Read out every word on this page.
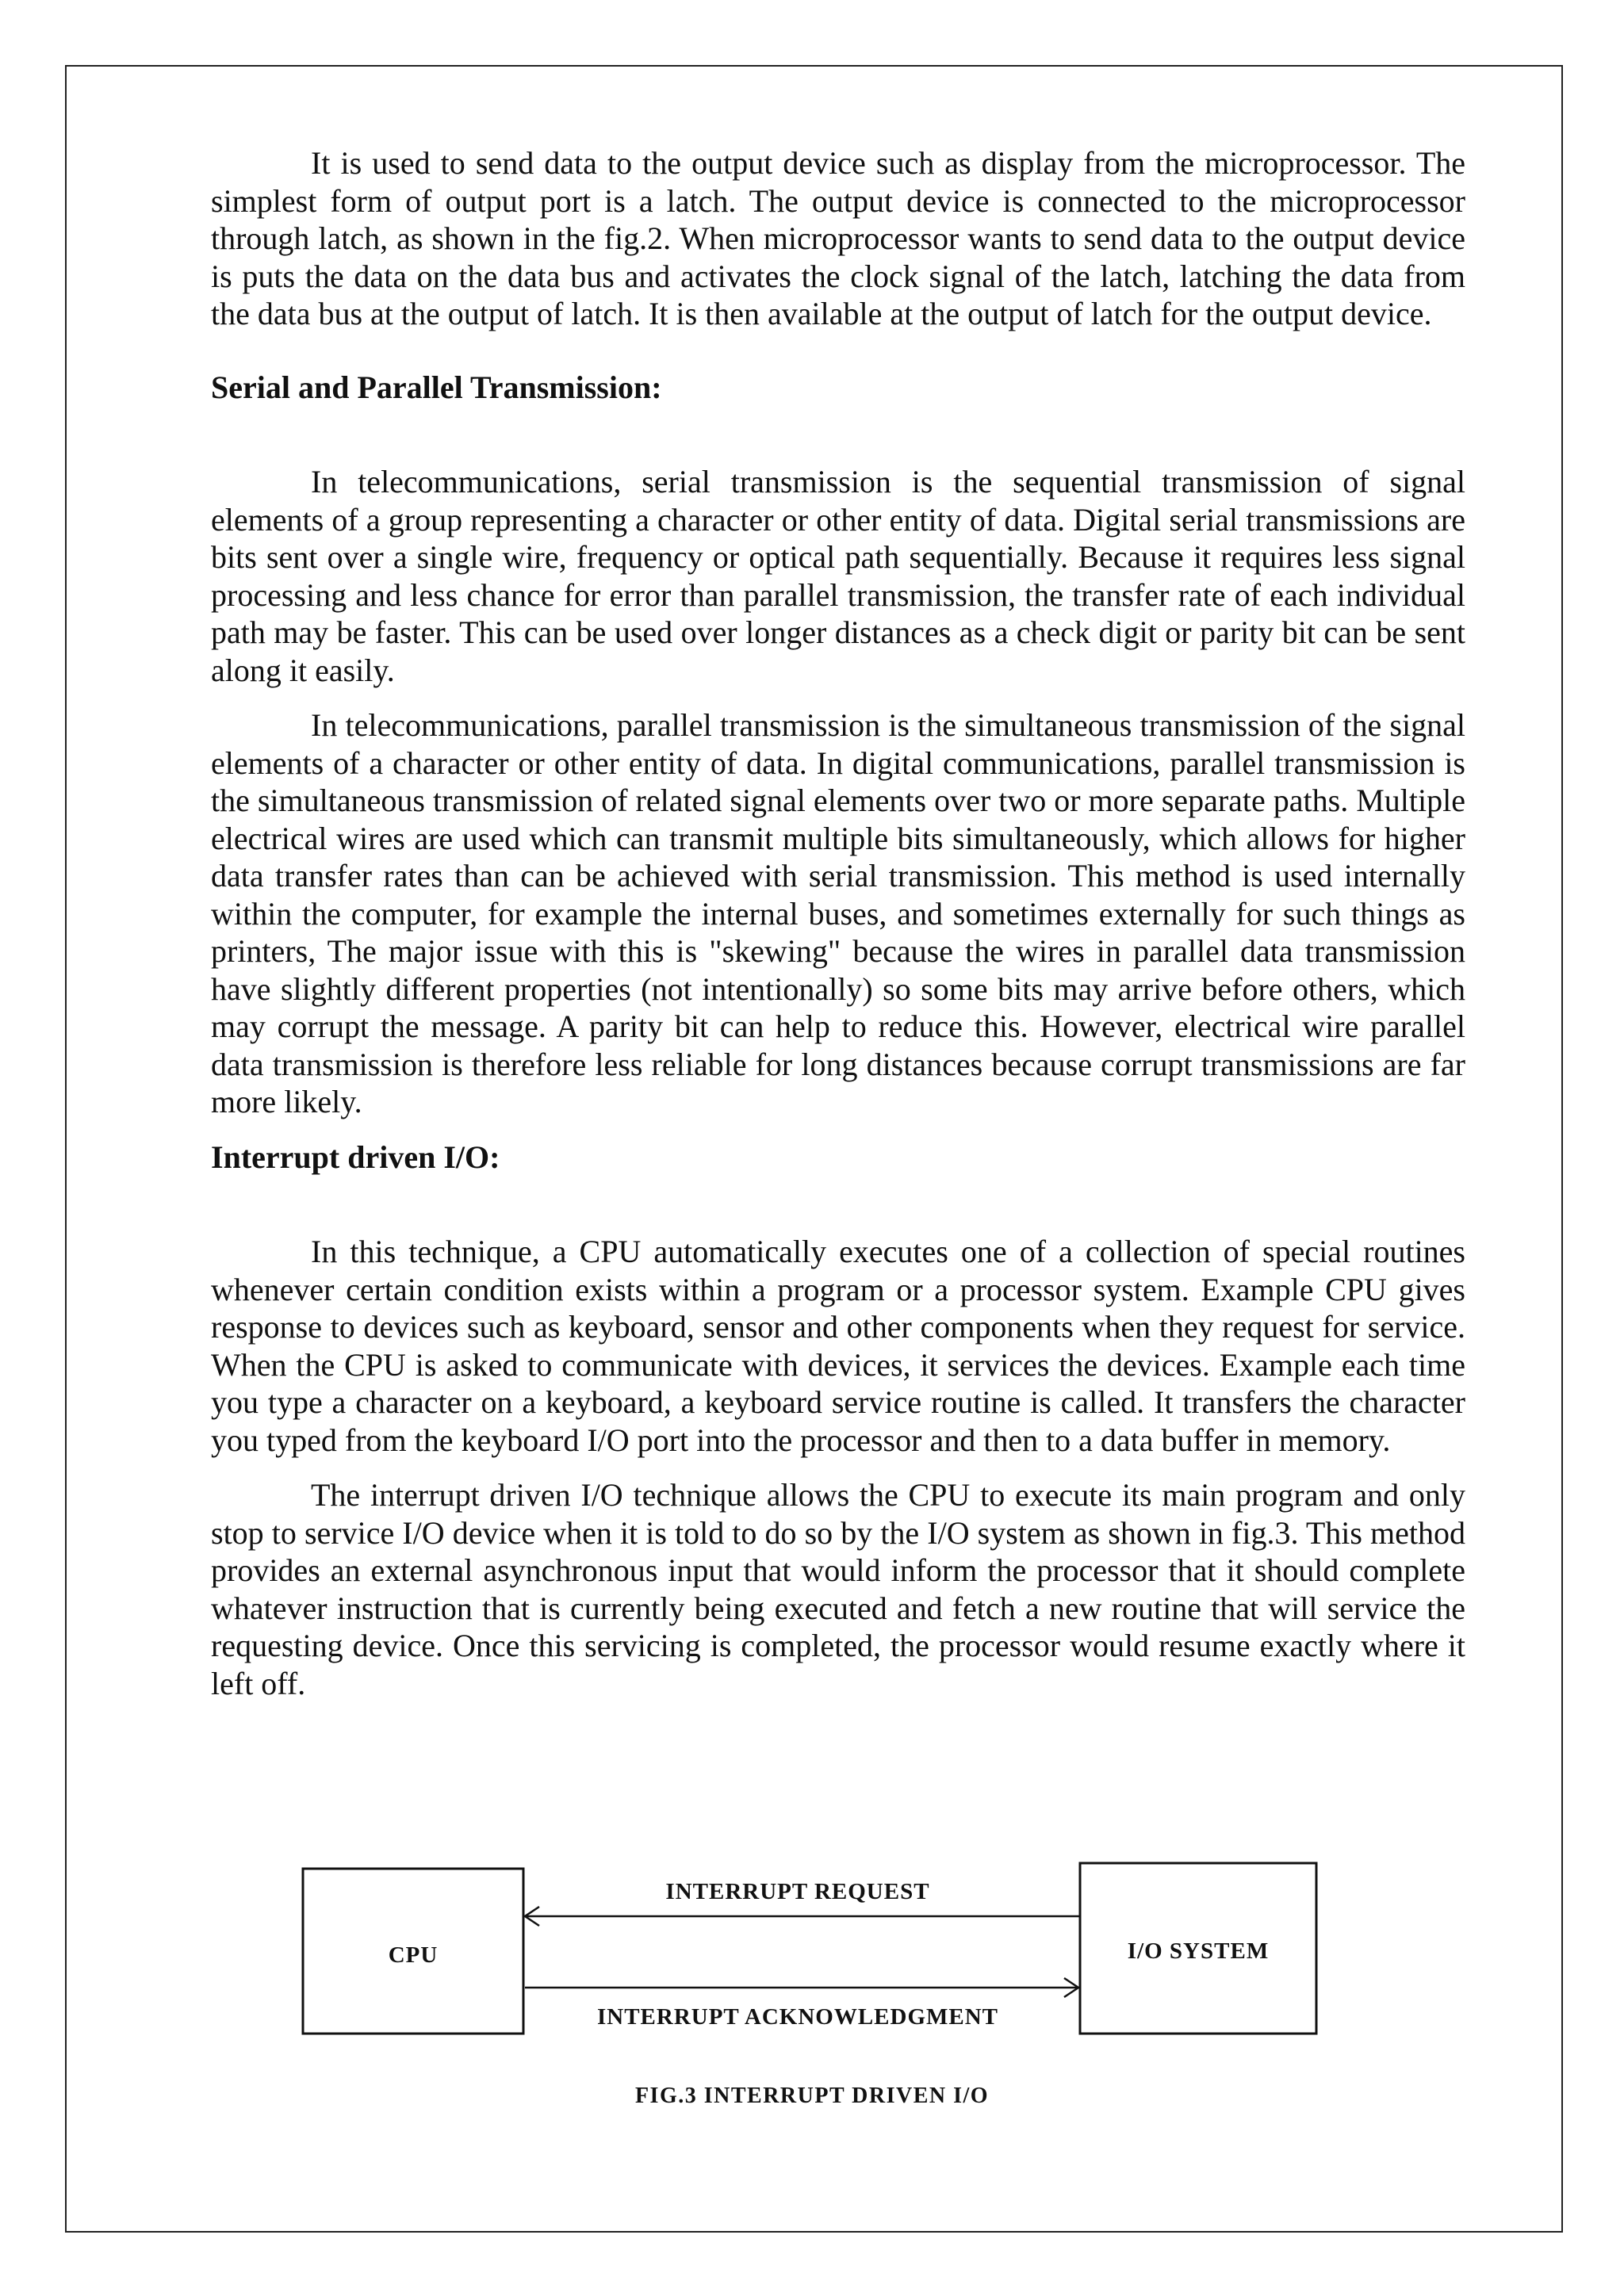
It is used to send data to the output device such as display from the microprocessor. The simplest form of output port is a latch. The output device is connected to the microprocessor through latch, as shown in the fig.2. When microprocessor wants to send data to the output device is puts the data on the data bus and activates the clock signal of the latch, latching the data from the data bus at the output of latch. It is then available at the output of latch for the output device.

Serial and Parallel Transmission:

In telecommunications, serial transmission is the sequential transmission of signal elements of a group representing a character or other entity of data. Digital serial transmissions are bits sent over a single wire, frequency or optical path sequentially. Because it requires less signal processing and less chance for error than parallel transmission, the transfer rate of each individual path may be faster. This can be used over longer distances as a check digit or parity bit can be sent along it easily.

In telecommunications, parallel transmission is the simultaneous transmission of the signal elements of a character or other entity of data. In digital communications, parallel transmission is the simultaneous transmission of related signal elements over two or more separate paths. Multiple electrical wires are used which can transmit multiple bits simultaneously, which allows for higher data transfer rates than can be achieved with serial transmission. This method is used internally within the computer, for example the internal buses, and sometimes externally for such things as printers, The major issue with this is "skewing" because the wires in parallel data transmission have slightly different properties (not intentionally) so some bits may arrive before others, which may corrupt the message. A parity bit can help to reduce this. However, electrical wire parallel data transmission is therefore less reliable for long distances because corrupt transmissions are far more likely.

Interrupt driven I/O:

In this technique, a CPU automatically executes one of a collection of special routines whenever certain condition exists within a program or a processor system. Example CPU gives response to devices such as keyboard, sensor and other components when they request for service. When the CPU is asked to communicate with devices, it services the devices. Example each time you type a character on a keyboard, a keyboard service routine is called. It transfers the character you typed from the keyboard I/O port into the processor and then to a data buffer in memory.

The interrupt driven I/O technique allows the CPU to execute its main program and only stop to service I/O device when it is told to do so by the I/O system as shown in fig.3. This method provides an external asynchronous input that would inform the processor that it should complete whatever instruction that is currently being executed and fetch a new routine that will service the requesting device. Once this servicing is completed, the processor would resume exactly where it left off.

CPU	I/O SYSTEM
INTERRUPT REQUEST
INTERRUPT ACKNOWLEDGMENT
FIG.3 INTERRUPT DRIVEN I/O
